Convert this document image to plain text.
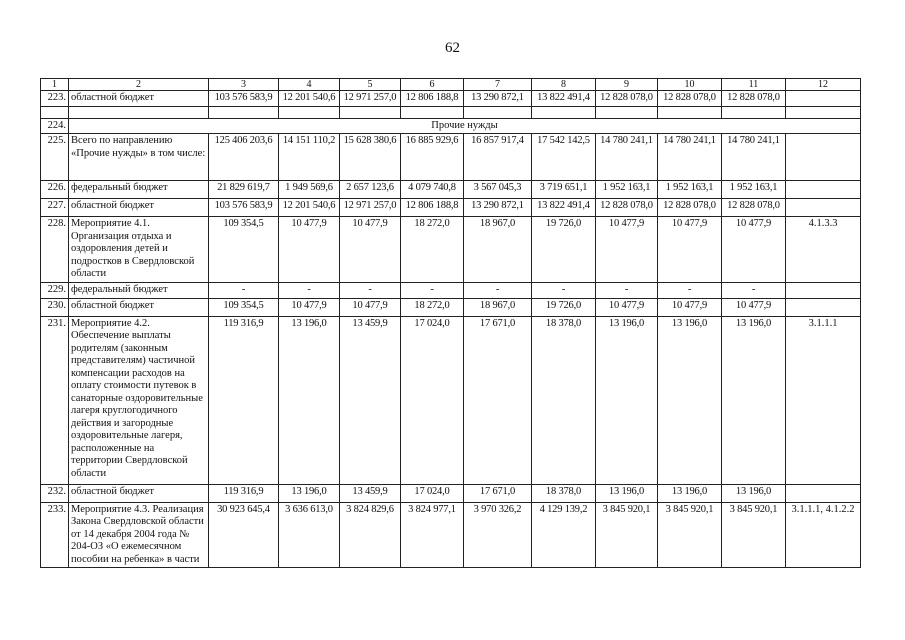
62
1	2	3	4	5	6	7	8	9	10	11	12
223.	областной бюджет	103 576 583,9	12 201 540,6	12 971 257,0	12 806 188,8	13 290 872,1	13 822 491,4	12 828 078,0	12 828 078,0	12 828 078,0	

224.	Прочие нужды										
225.	Всего по направлению «Прочие нужды» в том числе:	125 406 203,6	14 151 110,2	15 628 380,6	16 885 929,6	16 857 917,4	17 542 142,5	14 780 241,1	14 780 241,1	14 780 241,1	
226.	федеральный бюджет	21 829 619,7	1 949 569,6	2 657 123,6	4 079 740,8	3 567 045,3	3 719 651,1	1 952 163,1	1 952 163,1	1 952 163,1	
227.	областной бюджет	103 576 583,9	12 201 540,6	12 971 257,0	12 806 188,8	13 290 872,1	13 822 491,4	12 828 078,0	12 828 078,0	12 828 078,0	
228.	Мероприятие 4.1. Организация отдыха и оздоровления детей и подростков в Свердловской области	109 354,5	10 477,9	10 477,9	18 272,0	18 967,0	19 726,0	10 477,9	10 477,9	10 477,9	4.1.3.3
229.	федеральный бюджет	-	-	-	-	-	-	-	-	-	
230.	областной бюджет	109 354,5	10 477,9	10 477,9	18 272,0	18 967,0	19 726,0	10 477,9	10 477,9	10 477,9	
231.	Мероприятие 4.2. Обеспечение выплаты родителям (законным представителям) частичной компенсации расходов на оплату стоимости путевок в санаторные оздоровительные лагеря круглогодичного действия и загородные оздоровительные лагеря, расположенные на территории Свердловской области	119 316,9	13 196,0	13 459,9	17 024,0	17 671,0	18 378,0	13 196,0	13 196,0	13 196,0	3.1.1.1
232.	областной бюджет	119 316,9	13 196,0	13 459,9	17 024,0	17 671,0	18 378,0	13 196,0	13 196,0	13 196,0	
233.	Мероприятие 4.3. Реализация Закона Свердловской области от 14 декабря 2004 года № 204-ОЗ «О ежемесячном пособии на ребенка» в части	30 923 645,4	3 636 613,0	3 824 829,6	3 824 977,1	3 970 326,2	4 129 139,2	3 845 920,1	3 845 920,1	3 845 920,1	3.1.1.1, 4.1.2.2
